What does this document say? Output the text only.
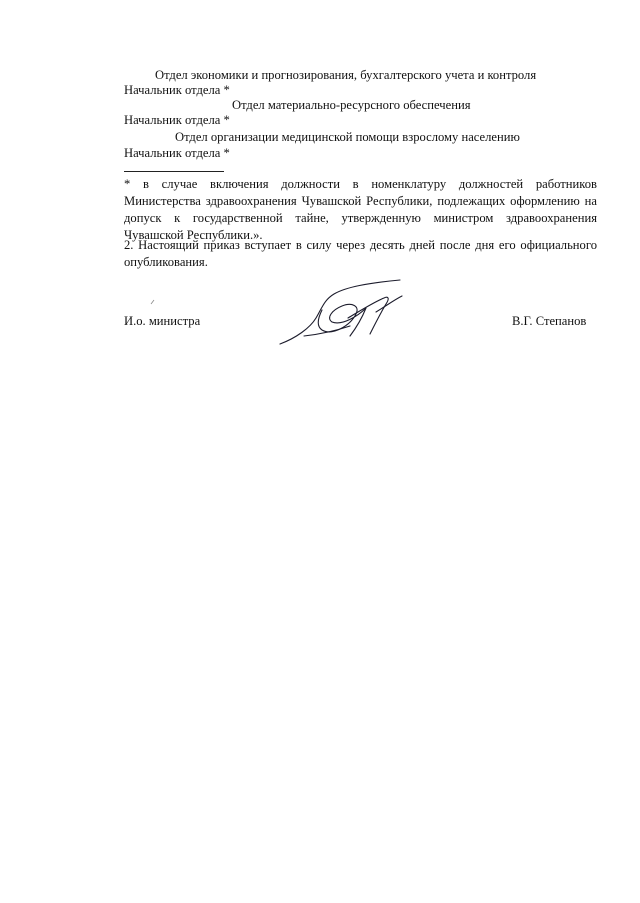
Отдел экономики и прогнозирования, бухгалтерского учета и контроля
Начальник отдела *
Отдел материально-ресурсного обеспечения
Начальник отдела *
Отдел организации медицинской помощи взрослому населению
Начальник отдела *
* в случае включения должности в номенклатуру должностей работников Министерства здравоохранения Чувашской Республики, подлежащих оформлению на допуск к государственной тайне, утвержденную министром здравоохранения Чувашской Республики.».
2. Настоящий приказ вступает в силу через десять дней после дня его официального опубликования.
И.о. министра	В.Г. Степанов
